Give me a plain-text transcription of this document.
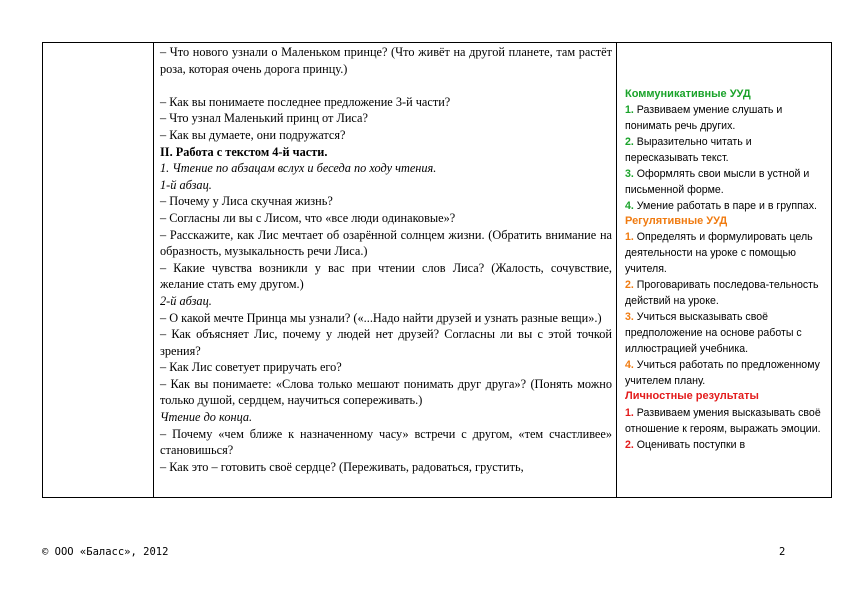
– Что нового узнали о Маленьком принце? (Что живёт на другой планете, там растёт роза, которая очень дорога принцу.)

– Как вы понимаете последнее предложение 3-й части?

– Что узнал Маленький принц от Лиса?

– Как вы думаете, они подружатся?

II. Работа с текстом 4-й части.

1. Чтение по абзацам вслух и беседа по ходу чтения.

1-й абзац.

– Почему у Лиса скучная жизнь?

– Согласны ли вы с Лисом, что «все люди одинаковые»?

– Расскажите, как Лис мечтает об озарённой солнцем жизни. (Обратить внимание на образность, музыкальность речи Лиса.)

– Какие чувства возникли у вас при чтении слов Лиса? (Жалость, сочувствие, желание стать ему другом.)

2-й абзац.

– О какой мечте Принца мы узнали? («...Надо найти друзей и узнать разные вещи».)

– Как объясняет Лис, почему у людей нет друзей? Согласны ли вы с этой точкой зрения?

– Как Лис советует приручать его?

– Как вы понимаете: «Слова только мешают понимать друг друга»? (Понять можно только душой, сердцем, научиться сопереживать.)

Чтение до конца.

– Почему «чем ближе к назначенному часу» встречи с другом, «тем счастливее» становишься?

– Как это – готовить своё сердце? (Переживать, радоваться, грустить,

Коммуникативные УУД

1. Развиваем умение слушать и понимать речь других.

2. Выразительно читать и пересказывать текст.

3. Оформлять свои мысли в устной и письменной форме.

4. Умение работать в паре и в группах.

Регулятивные УУД

1. Определять и формулировать цель деятельности на уроке с помощью учителя.

2. Проговаривать последова-тельность действий на уроке.

3. Учиться высказывать своё предположение на основе работы с иллюстрацией учебника.

4. Учиться работать по предложенному учителем плану.

Личностные результаты

1. Развиваем умения высказывать своё отношение к героям, выражать эмоции.

2. Оценивать поступки в

© ООО «Баласс», 2012	2
